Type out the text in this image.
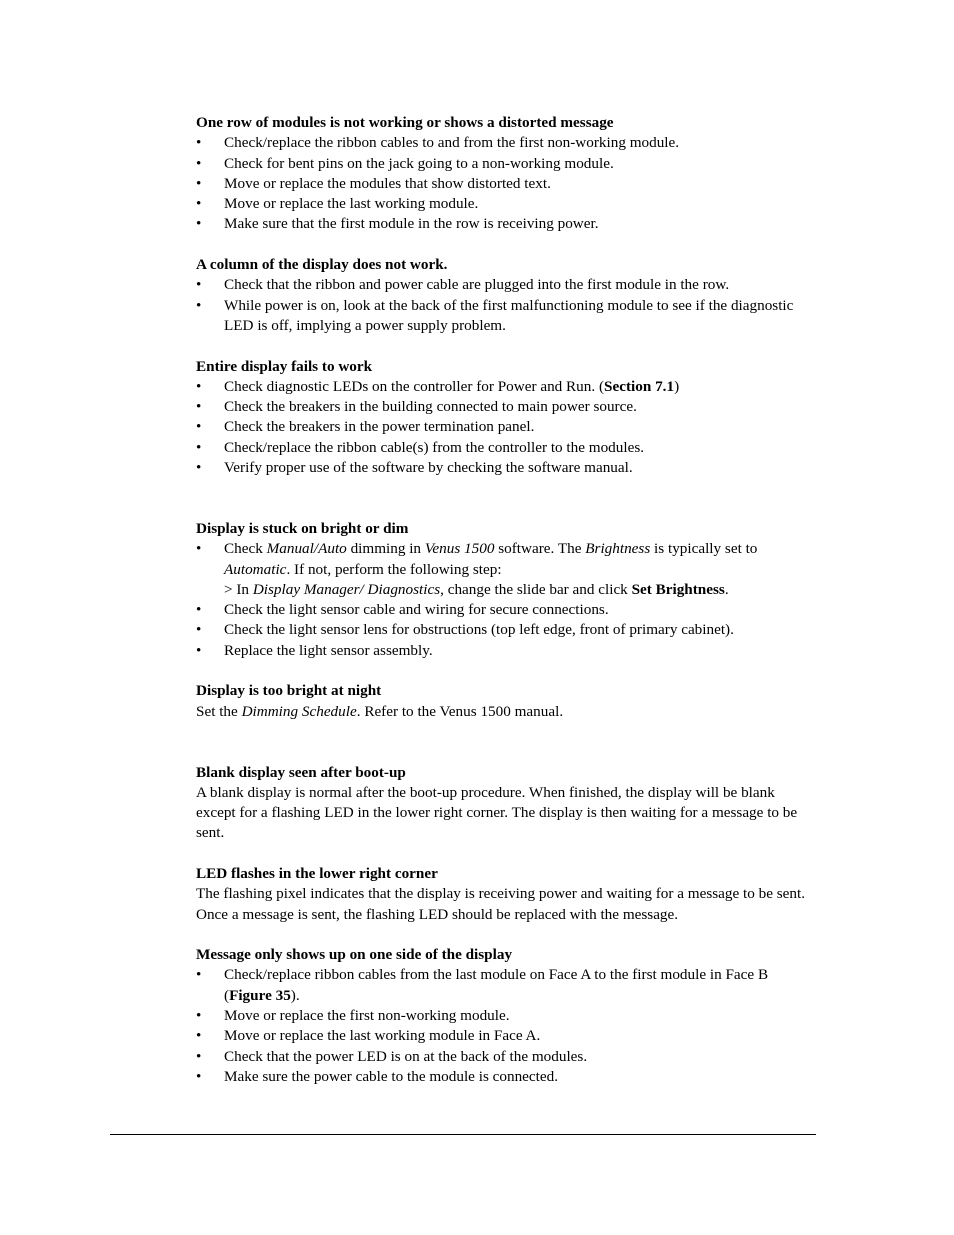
One row of modules is not working or shows a distorted message

•	Check/replace the ribbon cables to and from the first non-working module.
•	Check for bent pins on the jack going to a non-working module.
•	Move or replace the modules that show distorted text.
•	Move or replace the last working module.
•	Make sure that the first module in the row is receiving power.

A column of the display does not work.

•	Check that the ribbon and power cable are plugged into the first module in the row.
•	While power is on, look at the back of the first malfunctioning module to see if the diagnostic LED is off, implying a power supply problem.

Entire display fails to work

•	Check diagnostic LEDs on the controller for Power and Run. (Section 7.1)
•	Check the breakers in the building connected to main power source.
•	Check the breakers in the power termination panel.
•	Check/replace the ribbon cable(s) from the controller to the modules.
•	Verify proper use of the software by checking the software manual.

Display is stuck on bright or dim

•	Check Manual/Auto dimming in Venus 1500 software. The Brightness is typically set to Automatic. If not, perform the following step:
> In Display Manager/ Diagnostics, change the slide bar and click Set Brightness.
•	Check the light sensor cable and wiring for secure connections.
•	Check the light sensor lens for obstructions (top left edge, front of primary cabinet).
•	Replace the light sensor assembly.

Display is too bright at night

Set the Dimming Schedule. Refer to the Venus 1500 manual.

Blank display seen after boot-up

A blank display is normal after the boot-up procedure. When finished, the display will be blank except for a flashing LED in the lower right corner. The display is then waiting for a message to be sent.

LED flashes in the lower right corner

The flashing pixel indicates that the display is receiving power and waiting for a message to be sent. Once a message is sent, the flashing LED should be replaced with the message.

Message only shows up on one side of the display

•	Check/replace ribbon cables from the last module on Face A to the first module in Face B (Figure 35).
•	Move or replace the first non-working module.
•	Move or replace the last working module in Face A.
•	Check that the power LED is on at the back of the modules.
•	Make sure the power cable to the module is connected.
